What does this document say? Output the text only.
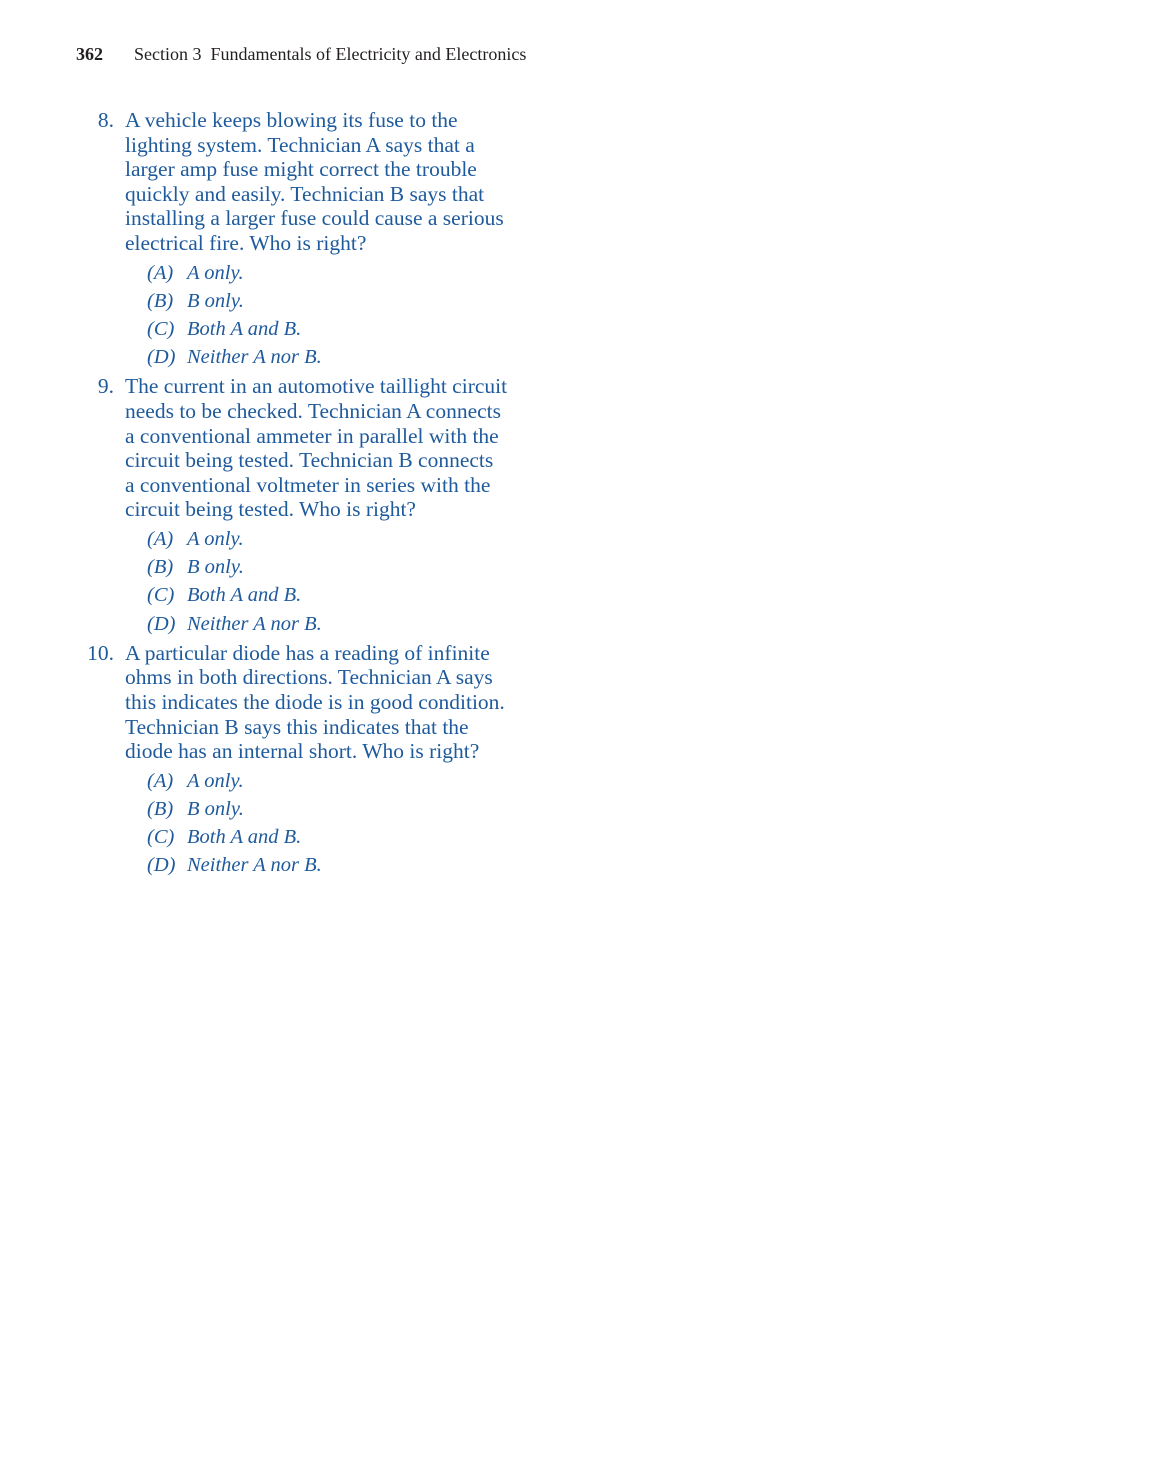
362 Section 3  Fundamentals of Electricity and Electronics
8. A vehicle keeps blowing its fuse to the
lighting system. Technician A says that a
larger amp fuse might correct the trouble
quickly and easily. Technician B says that
installing a larger fuse could cause a serious
electrical fire. Who is right?
(A) A only.
(B) B only.
(C) Both A and B.
(D) Neither A nor B.
9. The current in an automotive taillight circuit
needs to be checked. Technician A connects
a conventional ammeter in parallel with the
circuit being tested. Technician B connects
a conventional voltmeter in series with the
circuit being tested. Who is right?
(A) A only.
(B) B only.
(C) Both A and B.
(D) Neither A nor B.
10. A particular diode has a reading of infinite
ohms in both directions. Technician A says
this indicates the diode is in good condition.
Technician B says this indicates that the
diode has an internal short. Who is right?
(A) A only.
(B) B only.
(C) Both A and B.
(D) Neither A nor B.
